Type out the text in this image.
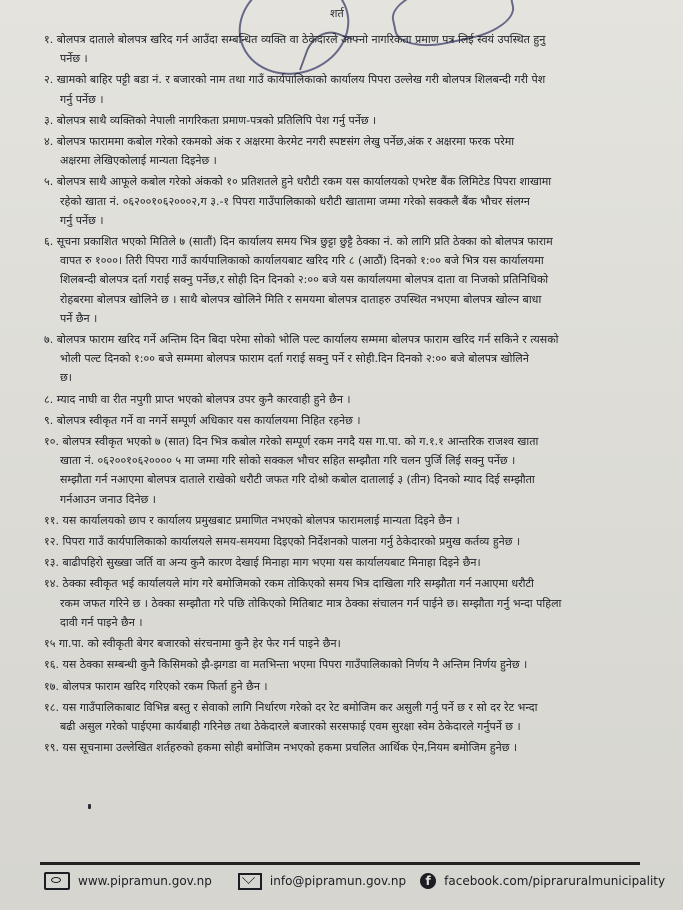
शर्त
१. बोलपत्र दाताले बोलपत्र खरिद गर्न आउँदा सम्बन्धित व्यक्ति वा ठेकेदारले आफ्नो नागरिकता प्रमाण पत्र लिई स्वयं उपस्थित हुनु
पर्नेछ ।
२. खामको बाहिर पट्टी बडा नं. र बजारको नाम तथा गाउँ कार्यपालिकाको कार्यालय पिपरा उल्लेख गरी बोलपत्र शिलबन्दी गरी पेश
गर्नु पर्नेछ ।
३. बोलपत्र साथै व्यक्तिको नेपाली नागरिकता प्रमाण-पत्रको प्रतिलिपि पेश गर्नु पर्नेछ ।
४. बोलपत्र फाराममा कबोल गरेको रकमको अंक र अक्षरमा केरमेट नगरी स्पष्टसंग लेखु पर्नेछ,अंक र अक्षरमा फरक परेमा
अक्षरमा लेखिएकोलाई मान्यता दिइनेछ ।
५. बोलपत्र साथै आफूले कबोल गरेको अंककोे १० प्रतिशतले हुने धरौटी रकम यस कार्यालयको एभरेष्ट बैंक लिमिटेड पिपरा शाखामा
रहेको खाता नं. ०६२००१०६२०००२,ग ३.-१ पिपरा गाउँपालिकाको धरौटी खातामा जम्मा गरेको सक्कलै बैंक भौचर संलग्न
गर्नु पर्नेछ ।
६. सूचना प्रकाशित भएको मितिले ७ (सातौं) दिन कार्यालय समय भित्र छुट्टा छुट्टै ठेक्का नं. को लागि प्रति ठेक्का को बोलपत्र फाराम
वापत रु १०००। तिरी पिपरा गाउँ कार्यपालिकाको कार्यालयबाट खरिद गरि ८ (आठौं) दिनको १:०० बजे भित्र यस कार्यालयमा
शिलबन्दी बोलपत्र दर्ता गराई सक्नु पर्नेछ,र सोही दिन दिनको २:०० बजे यस कार्यालयमा बोलपत्र दाता वा निजको प्रतिनिधिको
रोहबरमा बोलपत्र खोलिने छ । साथै बोलपत्र खोलिने मिति र समयमा बोलपत्र दाताहरु उपस्थित नभएमा बोलपत्र खोल्न बाधा
पर्ने छैन ।
७. बोलपत्र फाराम खरिद गर्ने अन्तिम दिन बिदा परेमा सोको भोलि पल्ट कार्यालय सम्ममा बोलपत्र फाराम खरिद गर्न सकिने र त्यसको
भोली पल्ट दिनको १:०० बजे सम्ममा बोलपत्र फाराम दर्ता गराई सक्नु पर्ने र सोही.दिन दिनको २:०० बजे बोलपत्र खोलिने
छ।
८. म्याद नाघी वा रीत नपुगी प्राप्त भएको बोलपत्र उपर कुनै कारवाही हुने छैन ।
९. बोलपत्र स्वीकृत गर्ने वा नगर्ने सम्पूर्ण अधिकार यस कार्यालयमा निहित रहनेछ ।
१०. बोलपत्र स्वीकृत भएको ७ (सात) दिन भित्र कबोल गरेको सम्पूर्ण रकम नगदै यस गा.पा. को ग.१.१ आन्तरिक राजश्व खाता
खाता नं. ०६२००१०६२०००० ५ मा जम्मा गरि सोको सक्कल भौचर सहित सम्झौता गरि चलन पुर्जि लिई सक्नु पर्नेछ ।
सम्झौता गर्न नआएमा बोलपत्र दाताले राखेको धरौटी जफत गरि दोश्रो कबोल दातालाई ३ (तीन) दिनको म्याद दिई सम्झौता
गर्नआउन जनाउ दिनेछ ।
११. यस कार्यालयको छाप र कार्यालय प्रमुखबाट प्रमाणित नभएको बोलपत्र फारामलाई मान्यता दिइने छैन ।
१२. पिपरा गाउँ कार्यपालिकाको कार्यालयले समय-समयमा दिइएको निर्देशनको पालना गर्नु ठेकेदारको प्रमुख कर्तव्य हुनेछ ।
१३. बाढीपहिरो सुख्खा जर्ति वा अन्य कुनै कारण देखाई मिनाहा माग भएमा यस कार्यालयबाट मिनाहा दिइने छैन।
१४. ठेक्का स्वीकृत भई कार्यालयले मांग गरे बमोजिमको रकम तोकिएको समय भित्र दाखिला गरि सम्झौता गर्न नआएमा धरौटी
रकम जफत गरिने छ । ठेक्का सम्झौता गरे पछि तोकिएको मितिबाट मात्र ठेक्का संचालन गर्न पाईने छ। सम्झौता गर्नु भन्दा पहिला
दावी गर्न पाइने छैन ।
१५ गा.पा. को स्वीकृती बेगर बजारको संरचनामा कुनै हेर फेर गर्न पाइने छैन।
१६. यस ठेक्का सम्बन्धी कुनै किसिमको झै-झगडा वा मतभिन्ता भएमा पिपरा गाउँपालिकाको निर्णय नै अन्तिम निर्णय हुनेछ ।
१७. बोलपत्र फाराम खरिद गरिएको रकम फिर्ता हुने छैन ।
१८. यस गाउँपालिकाबाट विभिन्न बस्तु र सेवाको लागि निर्धारण गरेको दर रेट बमोजिम कर असुली गर्नु पर्ने छ र सो दर रेट भन्दा
बढी असुल गरेको पाईएमा कार्यबाही गरिनेछ तथा ठेकेदारले बजारको सरसफाई एवम सुरक्षा स्वेम ठेकेदारले गर्नुपर्ने छ ।
१९. यस सूचनामा उल्लेखित शर्तहरुको हकमा सोही बमोजिम नभएको हकमा प्रचलित आर्थिक ऐन,नियम बमोजिम हुनेछ ।
www.pipramun.gov.np	info@pipramun.gov.np	f	facebook.com/pipraruralmunicipality
